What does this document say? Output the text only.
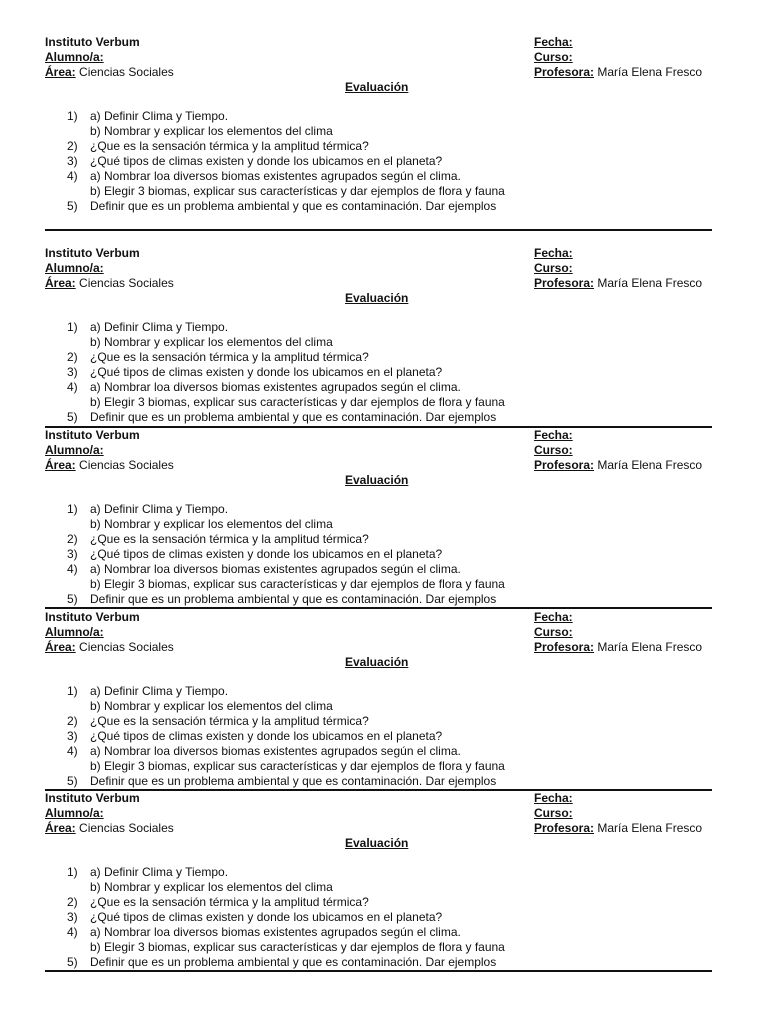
Instituto Verbum	Fecha:
Alumno/a:	Curso:
Área: Ciencias Sociales	Profesora: María Elena Fresco
Evaluación
1) a) Definir Clima y Tiempo.
b) Nombrar y explicar los elementos del clima
2) ¿Que es la sensación térmica y la amplitud térmica?
3) ¿Qué tipos de climas existen y donde los ubicamos en el planeta?
4) a) Nombrar loa diversos biomas existentes agrupados según el clima.
b) Elegir 3 biomas, explicar sus características y dar ejemplos de flora y fauna
5) Definir que es un problema ambiental y que es contaminación. Dar ejemplos
Instituto Verbum	Fecha:
Alumno/a:	Curso:
Área: Ciencias Sociales	Profesora: María Elena Fresco
Evaluación
1) a) Definir Clima y Tiempo.
b) Nombrar y explicar los elementos del clima
2) ¿Que es la sensación térmica y la amplitud térmica?
3) ¿Qué tipos de climas existen y donde los ubicamos en el planeta?
4) a) Nombrar loa diversos biomas existentes agrupados según el clima.
b) Elegir 3 biomas, explicar sus características y dar ejemplos de flora y fauna
5) Definir que es un problema ambiental y que es contaminación. Dar ejemplos
Instituto Verbum	Fecha:
Alumno/a:	Curso:
Área: Ciencias Sociales	Profesora: María Elena Fresco
Evaluación
1) a) Definir Clima y Tiempo.
b) Nombrar y explicar los elementos del clima
2) ¿Que es la sensación térmica y la amplitud térmica?
3) ¿Qué tipos de climas existen y donde los ubicamos en el planeta?
4) a) Nombrar loa diversos biomas existentes agrupados según el clima.
b) Elegir 3 biomas, explicar sus características y dar ejemplos de flora y fauna
5) Definir que es un problema ambiental y que es contaminación. Dar ejemplos
Instituto Verbum	Fecha:
Alumno/a:	Curso:
Área: Ciencias Sociales	Profesora: María Elena Fresco
Evaluación
1) a) Definir Clima y Tiempo.
b) Nombrar y explicar los elementos del clima
2) ¿Que es la sensación térmica y la amplitud térmica?
3) ¿Qué tipos de climas existen y donde los ubicamos en el planeta?
4) a) Nombrar loa diversos biomas existentes agrupados según el clima.
b) Elegir 3 biomas, explicar sus características y dar ejemplos de flora y fauna
5) Definir que es un problema ambiental y que es contaminación. Dar ejemplos
Instituto Verbum	Fecha:
Alumno/a:	Curso:
Área: Ciencias Sociales	Profesora: María Elena Fresco
Evaluación
1) a) Definir Clima y Tiempo.
b) Nombrar y explicar los elementos del clima
2) ¿Que es la sensación térmica y la amplitud térmica?
3) ¿Qué tipos de climas existen y donde los ubicamos en el planeta?
4) a) Nombrar loa diversos biomas existentes agrupados según el clima.
b) Elegir 3 biomas, explicar sus características y dar ejemplos de flora y fauna
5) Definir que es un problema ambiental y que es contaminación. Dar ejemplos
